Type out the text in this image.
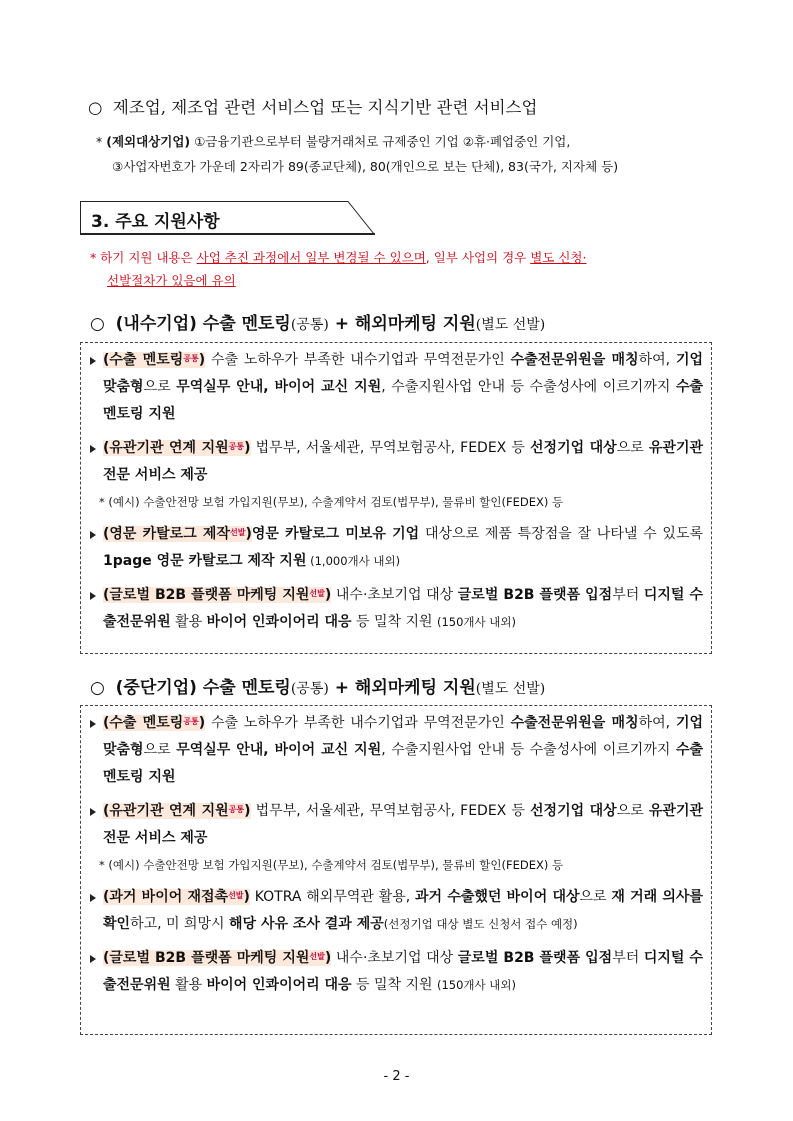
○ 제조업, 제조업 관련 서비스업 또는 지식기반 관련 서비스업
* (제외대상기업) ①금융기관으로부터 불량거래처로 규제중인 기업 ②휴·폐업중인 기업,
③사업자번호가 가운데 2자리가 89(종교단체), 80(개인으로 보는 단체), 83(국가, 지자체 등)
3. 주요 지원사항
* 하기 지원 내용은 사업 추진 과정에서 일부 변경될 수 있으며, 일부 사업의 경우 별도 신청·
선발절차가 있음에 유의
○ (내수기업) 수출 멘토링(공통) + 해외마케팅 지원(별도 선발)
(수출 멘토링$^{공통}$) 수출 노하우가 부족한 내수기업과 무역전문가인 수출전문위원을 매칭하여, 기업 맞춤형으로 무역실무 안내, 바이어 교신 지원, 수출지원사업 안내 등 수출성사에 이르기까지 수출 멘토링 지원
(유관기관 연계 지원$^{공통}$) 법무부, 서울세관, 무역보험공사, FEDEX 등 선정기업 대상으로 유관기관 전문 서비스 제공
* (예시) 수출안전망 보험 가입지원(무보), 수출계약서 검토(법무부), 물류비 할인(FEDEX) 등
(영문 카탈로그 제작$^{선발}$)영문 카탈로그 미보유 기업 대상으로 제품 특장점을 잘 나타낼 수 있도록 1page 영문 카탈로그 제작 지원 (1,000개사 내외)
(글로벌 B2B 플랫폼 마케팅 지원$^{선발}$) 내수·초보기업 대상 글로벌 B2B 플랫폼 입점부터 디지털 수출전문위원 활용 바이어 인콰이어리 대응 등 밀착 지원 (150개사 내외)
○ (중단기업) 수출 멘토링(공통) + 해외마케팅 지원(별도 선발)
(수출 멘토링$^{공통}$) 수출 노하우가 부족한 내수기업과 무역전문가인 수출전문위원을 매칭하여, 기업 맞춤형으로 무역실무 안내, 바이어 교신 지원, 수출지원사업 안내 등 수출성사에 이르기까지 수출 멘토링 지원
(유관기관 연계 지원$^{공통}$) 법무부, 서울세관, 무역보험공사, FEDEX 등 선정기업 대상으로 유관기관 전문 서비스 제공
* (예시) 수출안전망 보험 가입지원(무보), 수출계약서 검토(법무부), 물류비 할인(FEDEX) 등
(과거 바이어 재접촉$^{선발}$) KOTRA 해외무역관 활용, 과거 수출했던 바이어 대상으로 재 거래 의사를 확인하고, 미 희망시 해당 사유 조사 결과 제공(선정기업 대상 별도 신청서 접수 예정)
(글로벌 B2B 플랫폼 마케팅 지원$^{선발}$) 내수·초보기업 대상 글로벌 B2B 플랫폼 입점부터 디지털 수출전문위원 활용 바이어 인콰이어리 대응 등 밀착 지원 (150개사 내외)
- 2 -
